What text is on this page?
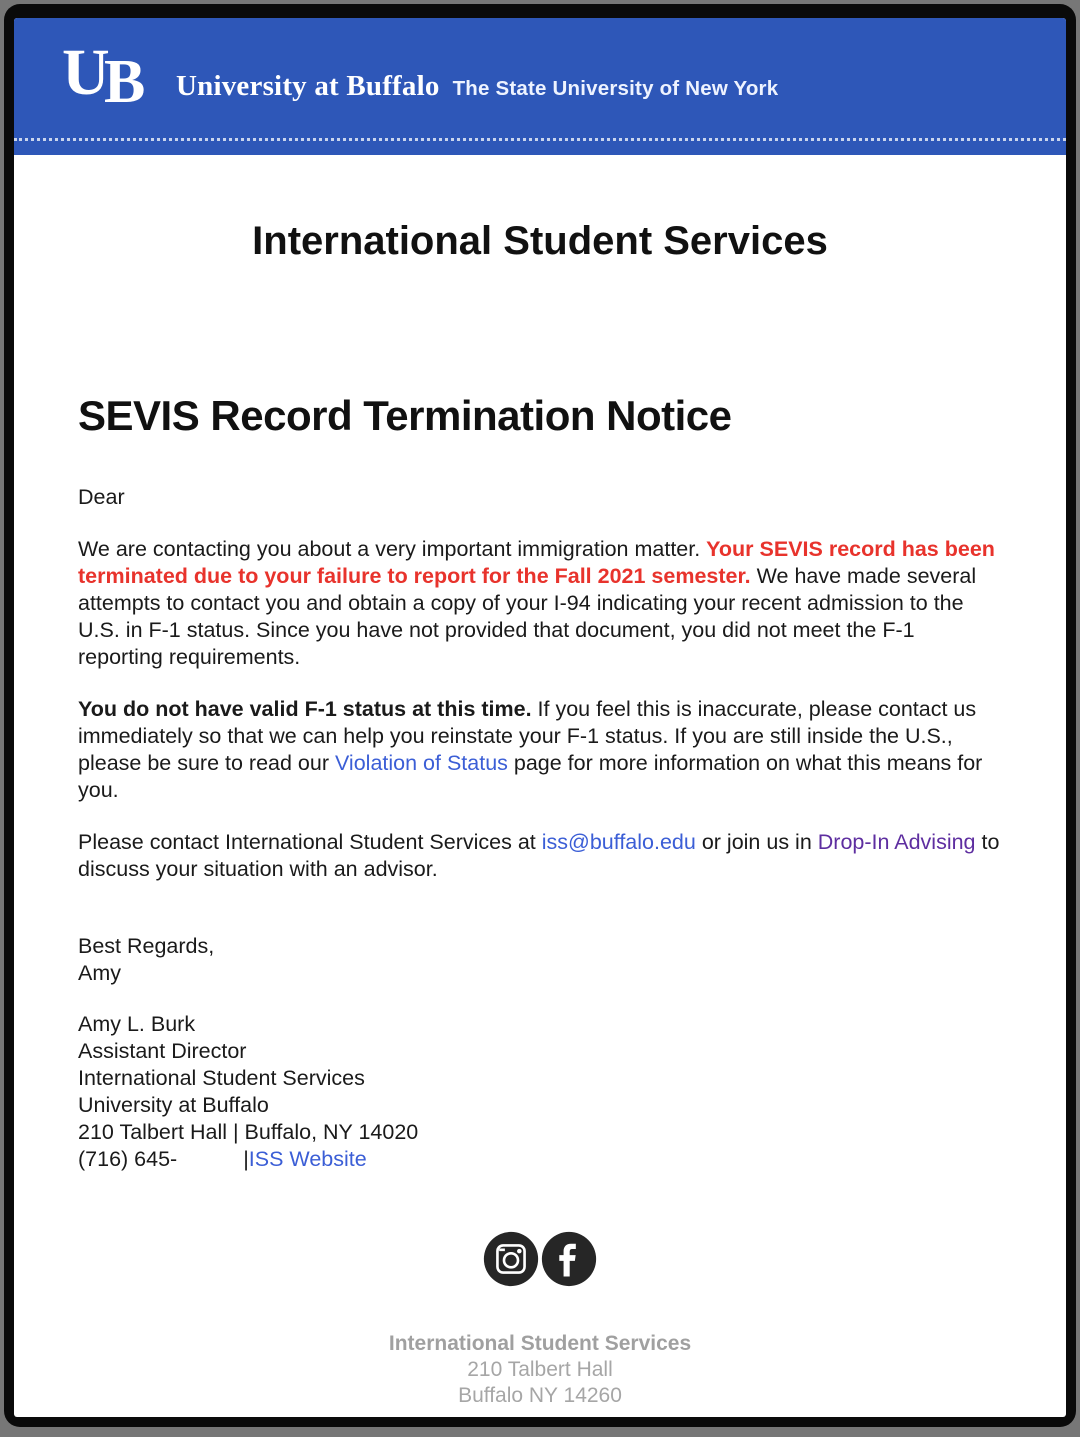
U
B University at Buffalo The State University of New York
International Student Services
SEVIS Record Termination Notice
Dear
We are contacting you about a very important immigration matter. Your SEVIS record has been terminated due to your failure to report for the Fall 2021 semester. We have made several attempts to contact you and obtain a copy of your I-94 indicating your recent admission to the U.S. in F-1 status. Since you have not provided that document, you did not meet the F-1 reporting requirements.
You do not have valid F-1 status at this time. If you feel this is inaccurate, please contact us immediately so that we can help you reinstate your F-1 status. If you are still inside the U.S., please be sure to read our Violation of Status page for more information on what this means for you.
Please contact International Student Services at iss@buffalo.edu or join us in Drop-In Advising to discuss your situation with an advisor.
Best Regards,
Amy
Amy L. Burk
Assistant Director
International Student Services
University at Buffalo
210 Talbert Hall | Buffalo, NY 14020
(716) 645-	|ISS Website
International Student Services
210 Talbert Hall
Buffalo NY 14260
